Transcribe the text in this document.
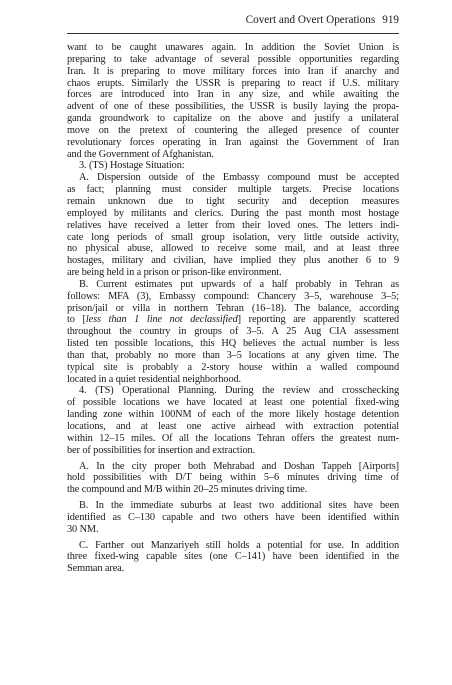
Covert and Overt Operations 919
want to be caught unawares again. In addition the Soviet Union is
preparing to take advantage of several possible opportunities regarding
Iran. It is preparing to move military forces into Iran if anarchy and
chaos erupts. Similarly the USSR is preparing to react if U.S. military
forces are introduced into Iran in any size, and while awaiting the
advent of one of these possibilities, the USSR is busily laying the propa-
ganda groundwork to capitalize on the above and justify a unilateral
move on the pretext of countering the alleged presence of counter
revolutionary forces operating in Iran against the Government of Iran
and the Government of Afghanistan.
3. (TS) Hostage Situation:
A. Dispersion outside of the Embassy compound must be accepted
as fact; planning must consider multiple targets. Precise locations
remain unknown due to tight security and deception measures
employed by militants and clerics. During the past month most hostage
relatives have received a letter from their loved ones. The letters indi-
cate long periods of small group isolation, very little outside activity,
no physical abuse, allowed to receive some mail, and at least three
hostages, military and civilian, have implied they plus another 6 to 9
are being held in a prison or prison-like environment.
B. Current estimates put upwards of a half probably in Tehran as
follows: MFA (3), Embassy compound: Chancery 3–5, warehouse 3–5;
prison/jail or villa in northern Tehran (16–18). The balance, according
to [less than 1 line not declassified] reporting are apparently scattered
throughout the country in groups of 3–5. A 25 Aug CIA assessment
listed ten possible locations, this HQ believes the actual number is less
than that, probably no more than 3–5 locations at any given time. The
typical site is probably a 2-story house within a walled compound
located in a quiet residential neighborhood.
4. (TS) Operational Planning. During the review and crosschecking
of possible locations we have located at least one potential fixed-wing
landing zone within 100NM of each of the more likely hostage detention
locations, and at least one active airhead with extraction potential
within 12–15 miles. Of all the locations Tehran offers the greatest num-
ber of possibilities for insertion and extraction.
A. In the city proper both Mehrabad and Doshan Tappeh [Airports]
hold possibilities with D/T being within 5–6 minutes driving time of
the compound and M/B within 20–25 minutes driving time.
B. In the immediate suburbs at least two additional sites have been
identified as C–130 capable and two others have been identified within
30 NM.
C. Farther out Manzariyeh still holds a potential for use. In addition
three fixed-wing capable sites (one C–141) have been identified in the
Semman area.
